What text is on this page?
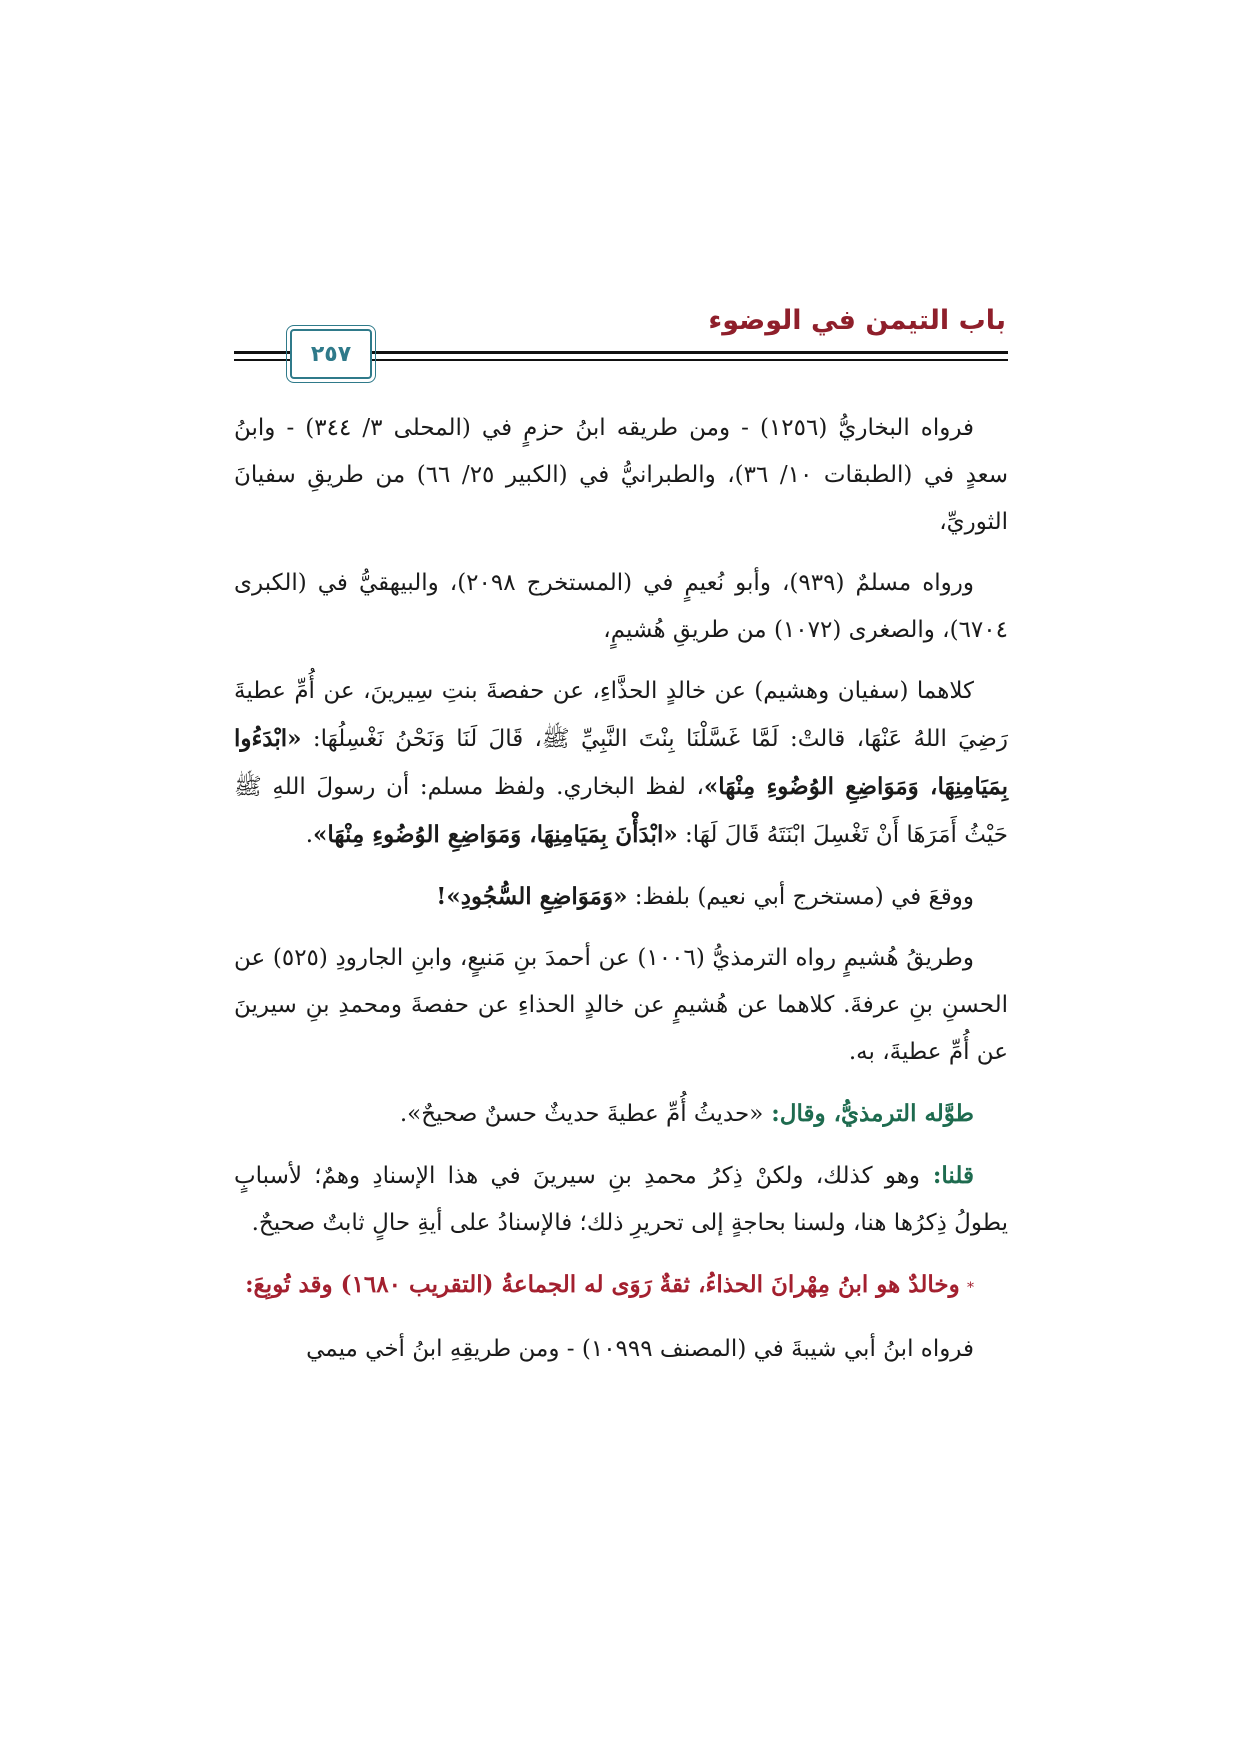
باب التيمن في الوضوء
٢٥٧

فرواه البخاريُّ (١٢٥٦) - ومن طريقه ابنُ حزمٍ في (المحلى ٣/ ٣٤٤) - وابنُ سعدٍ في (الطبقات ١٠/ ٣٦)، والطبرانيُّ في (الكبير ٢٥/ ٦٦) من طريقِ سفيانَ الثوريِّ،

ورواه مسلمٌ (٩٣٩)، وأبو نُعيمٍ في (المستخرج ٢٠٩٨)، والبيهقيُّ في (الكبرى ٦٧٠٤)، والصغرى (١٠٧٢) من طريقِ هُشيمٍ،

كلاهما (سفيان وهشيم) عن خالدٍ الحذَّاءِ، عن حفصةَ بنتِ سِيرينَ، عن أُمِّ عطيةَ رَضِيَ اللهُ عَنْهَا، قالتْ: لَمَّا غَسَّلْنَا بِنْتَ النَّبِيِّ ﷺ، قَالَ لَنَا وَنَحْنُ نَغْسِلُهَا: «ابْدَءُوا بِمَيَامِنِهَا، وَمَوَاضِعِ الوُضُوءِ مِنْهَا»، لفظ البخاري. ولفظ مسلم: أن رسولَ اللهِ ﷺ حَيْثُ أَمَرَهَا أَنْ تَغْسِلَ ابْنَتَهُ قَالَ لَهَا: «ابْدَأْنَ بِمَيَامِنِهَا، وَمَوَاضِعِ الوُضُوءِ مِنْهَا».

ووقعَ في (مستخرج أبي نعيم) بلفظ: «وَمَوَاضِعِ السُّجُودِ»!

وطريقُ هُشيمٍ رواه الترمذيُّ (١٠٠٦) عن أحمدَ بنِ مَنيعٍ، وابنِ الجارودِ (٥٢٥) عن الحسنِ بنِ عرفةَ. كلاهما عن هُشيمٍ عن خالدٍ الحذاءِ عن حفصةَ ومحمدِ بنِ سيرينَ عن أُمِّ عطيةَ، به.

طوَّله الترمذيُّ، وقال: «حديثُ أُمِّ عطيةَ حديثٌ حسنٌ صحيحٌ».

قلنا: وهو كذلك، ولكنْ ذِكرُ محمدِ بنِ سيرينَ في هذا الإسنادِ وهمٌ؛ لأسبابٍ يطولُ ذِكرُها هنا، ولسنا بحاجةٍ إلى تحريرِ ذلك؛ فالإسنادُ على أيةِ حالٍ ثابتٌ صحيحٌ.

* وخالدٌ هو ابنُ مِهْرانَ الحذاءُ، ثقةٌ رَوَى له الجماعةُ (التقريب ١٦٨٠) وقد تُوبِعَ:

فرواه ابنُ أبي شيبةَ في (المصنف ١٠٩٩٩) - ومن طريقِهِ ابنُ أخي ميمي
